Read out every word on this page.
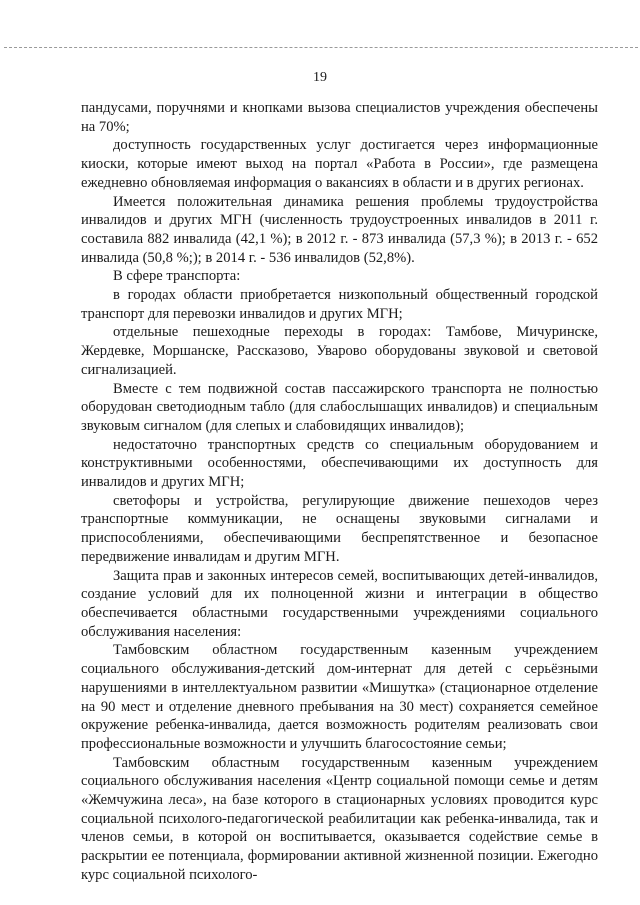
19

пандусами, поручнями и кнопками вызова специалистов учреждения обеспечены на 70%;

доступность государственных услуг достигается через информационные киоски, которые имеют выход на портал «Работа в России», где размещена ежедневно обновляемая информация о вакансиях в области и в других регионах.

Имеется положительная динамика решения проблемы трудоустройства инвалидов и других МГН (численность трудоустроенных инвалидов в 2011 г. составила 882 инвалида (42,1 %); в 2012 г. - 873 инвалида (57,3 %); в 2013 г. - 652 инвалида (50,8 %;); в 2014 г. - 536 инвалидов (52,8%).

В сфере транспорта:

в городах области приобретается низкопольный общественный городской транспорт для перевозки инвалидов и других МГН;

отдельные пешеходные переходы в городах: Тамбове, Мичуринске, Жердевке, Моршанске, Рассказово, Уварово оборудованы звуковой и световой сигнализацией.

Вместе с тем подвижной состав пассажирского транспорта не полностью оборудован светодиодным табло (для слабослышащих инвалидов) и специальным звуковым сигналом (для слепых и слабовидящих инвалидов);

недостаточно транспортных средств со специальным оборудованием и конструктивными особенностями, обеспечивающими их доступность для инвалидов и других МГН;

светофоры и устройства, регулирующие движение пешеходов через транспортные коммуникации, не оснащены звуковыми сигналами и приспособлениями, обеспечивающими беспрепятственное и безопасное передвижение инвалидам и другим МГН.

Защита прав и законных интересов семей, воспитывающих детей-инвалидов, создание условий для их полноценной жизни и интеграции в общество обеспечивается областными государственными учреждениями социального обслуживания населения:

Тамбовским областном государственным казенным учреждением социального обслуживания-детский дом-интернат для детей с серьёзными нарушениями в интеллектуальном развитии «Мишутка» (стационарное отделение на 90 мест и отделение дневного пребывания на 30 мест) сохраняется семейное окружение ребенка-инвалида, дается возможность родителям реализовать свои профессиональные возможности и улучшить благосостояние семьи;

Тамбовским областным государственным казенным учреждением социального обслуживания населения «Центр социальной помощи семье и детям «Жемчужина леса», на базе которого в стационарных условиях проводится курс социальной психолого-педагогической реабилитации как ребенка-инвалида, так и членов семьи, в которой он воспитывается, оказывается содействие семье в раскрытии ее потенциала, формировании активной жизненной позиции. Ежегодно курс социальной психолого-
